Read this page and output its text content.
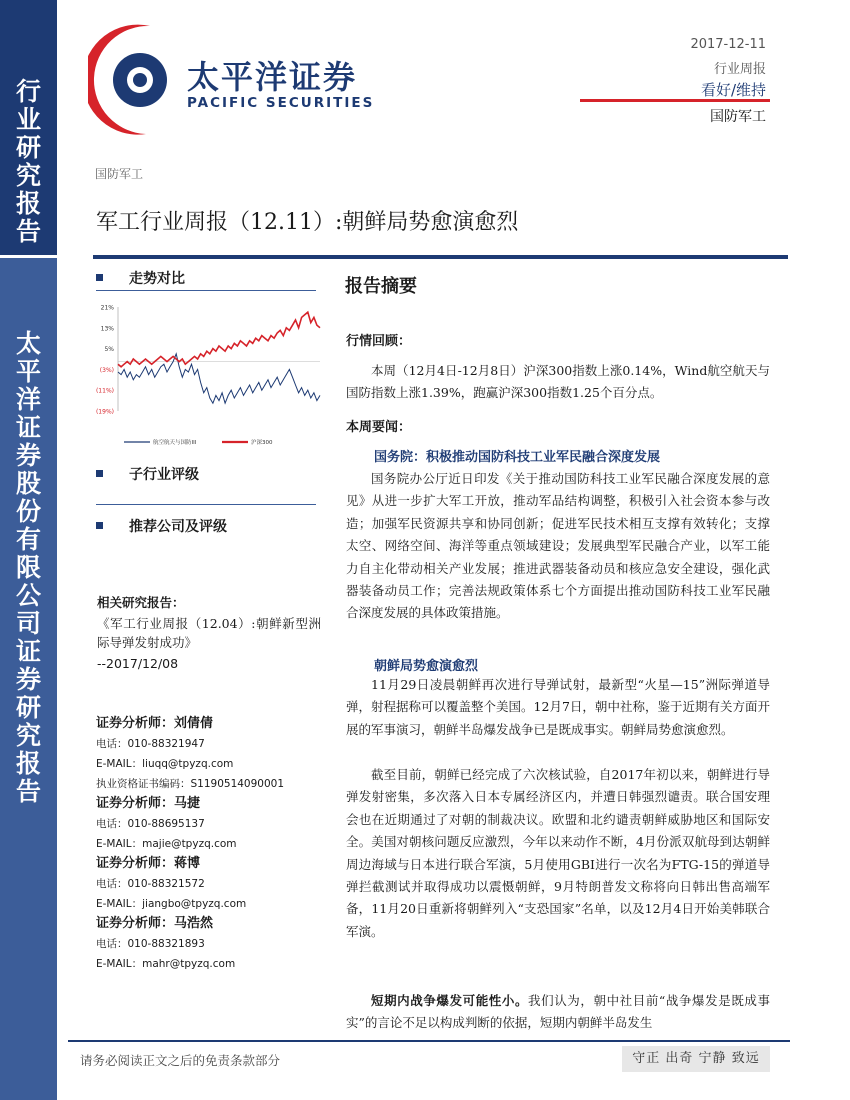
行
业
研
究
报
告
太
平
洋
证
券
股
份
有
限
公
司
证
券
研
究
报
告
太平洋证券
PACIFIC SECURITIES
2017-12-11
行业周报
看好/维持
国防军工
国防军工
军工行业周报（12.11）:朝鲜局势愈演愈烈
走势对比
21%
13%
5%
(3%)
(11%)
(19%)
航空航天与国防III	沪深300
子行业评级
推荐公司及评级
相关研究报告：
《军工行业周报（12.04）:朝鲜新型洲际导弹发射成功》
--2017/12/08
证券分析师：刘倩倩
电话：010-88321947
E-MAIL：liuqq@tpyzq.com
执业资格证书编码：S1190514090001
证券分析师：马捷
电话：010-88695137
E-MAIL：majie@tpyzq.com
证券分析师：蒋博
电话：010-88321572
E-MAIL：jiangbo@tpyzq.com
证券分析师：马浩然
电话：010-88321893
E-MAIL：mahr@tpyzq.com
报告摘要
行情回顾：
本周（12月4日-12月8日）沪深300指数上涨0.14%，Wind航空航天与国防指数上涨1.39%，跑赢沪深300指数1.25个百分点。
本周要闻：
国务院：积极推动国防科技工业军民融合深度发展
国务院办公厅近日印发《关于推动国防科技工业军民融合深度发展的意见》从进一步扩大军工开放，推动军品结构调整，积极引入社会资本参与改造；加强军民资源共享和协同创新；促进军民技术相互支撑有效转化；支撑太空、网络空间、海洋等重点领域建设；发展典型军民融合产业，以军工能力自主化带动相关产业发展；推进武器装备动员和核应急安全建设，强化武器装备动员工作；完善法规政策体系七个方面提出推动国防科技工业军民融合深度发展的具体政策措施。
朝鲜局势愈演愈烈
11月29日凌晨朝鲜再次进行导弹试射，最新型“火星—15”洲际弹道导弹，射程据称可以覆盖整个美国。12月7日，朝中社称，鉴于近期有关方面开展的军事演习，朝鲜半岛爆发战争已是既成事实。朝鲜局势愈演愈烈。
截至目前，朝鲜已经完成了六次核试验，自2017年初以来，朝鲜进行导弹发射密集，多次落入日本专属经济区内，并遭日韩强烈谴责。联合国安理会也在近期通过了对朝的制裁决议。欧盟和北约谴责朝鲜威胁地区和国际安全。美国对朝核问题反应激烈，今年以来动作不断，4月份派双航母到达朝鲜周边海域与日本进行联合军演，5月使用GBI进行一次名为FTG-15的弹道导弹拦截测试并取得成功以震慑朝鲜，9月特朗普发文称将向日韩出售高端军备，11月20日重新将朝鲜列入“支恐国家”名单，以及12月4日开始美韩联合军演。
短期内战争爆发可能性小。我们认为，朝中社目前“战争爆发是既成事实”的言论不足以构成判断的依据，短期内朝鲜半岛发生
请务必阅读正文之后的免责条款部分	守正 出奇 宁静 致远
